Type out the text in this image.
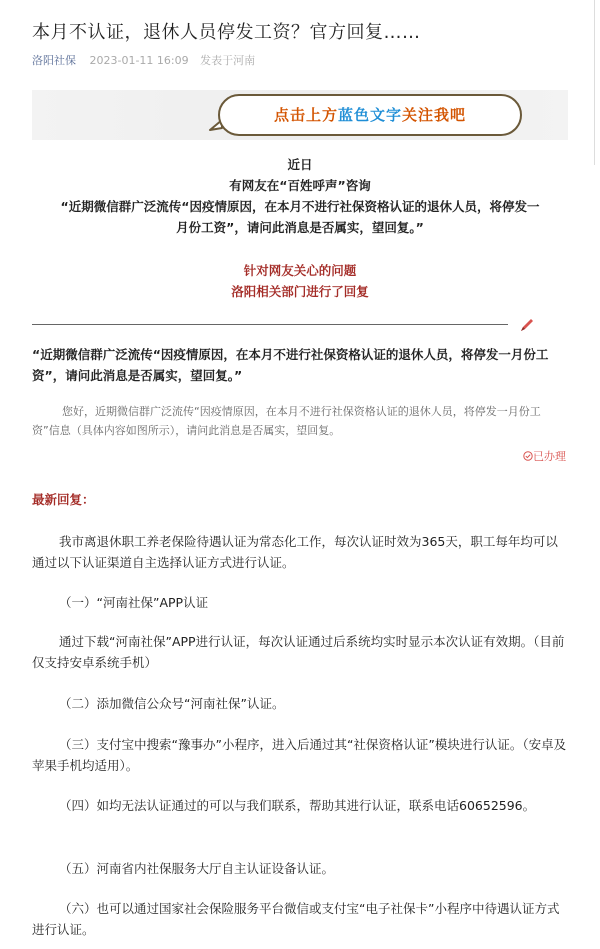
本月不认证，退休人员停发工资？官方回复……
洛阳社保 2023-01-11 16:09 发表于河南
点击上方蓝色文字关注我吧
近日
有网友在“百姓呼声”咨询
“近期微信群广泛流传“因疫情原因，在本月不进行社保资格认证的退休人员，将停发一
月份工资”，请问此消息是否属实，望回复。”
针对网友关心的问题
洛阳相关部门进行了回复
“近期微信群广泛流传“因疫情原因，在本月不进行社保资格认证的退休人员，将停发一月份工资”，请问此消息是否属实，望回复。”
您好，近期微信群广泛流传“因疫情原因，在本月不进行社保资格认证的退休人员，将停发一月份工资”信息（具体内容如图所示），请问此消息是否属实，望回复。
已办理
最新回复：
我市离退休职工养老保险待遇认证为常态化工作，每次认证时效为365天，职工每年均可以通过以下认证渠道自主选择认证方式进行认证。
（一）“河南社保”APP认证
通过下载“河南社保”APP进行认证，每次认证通过后系统均实时显示本次认证有效期。（目前仅支持安卓系统手机）
（二）添加微信公众号“河南社保”认证。
（三）支付宝中搜索“豫事办”小程序，进入后通过其“社保资格认证”模块进行认证。（安卓及苹果手机均适用）。
（四）如均无法认证通过的可以与我们联系，帮助其进行认证，联系电话60652596。
（五）河南省内社保服务大厅自主认证设备认证。
（六）也可以通过国家社会保险服务平台微信或支付宝“电子社保卡”小程序中待遇认证方式进行认证。
